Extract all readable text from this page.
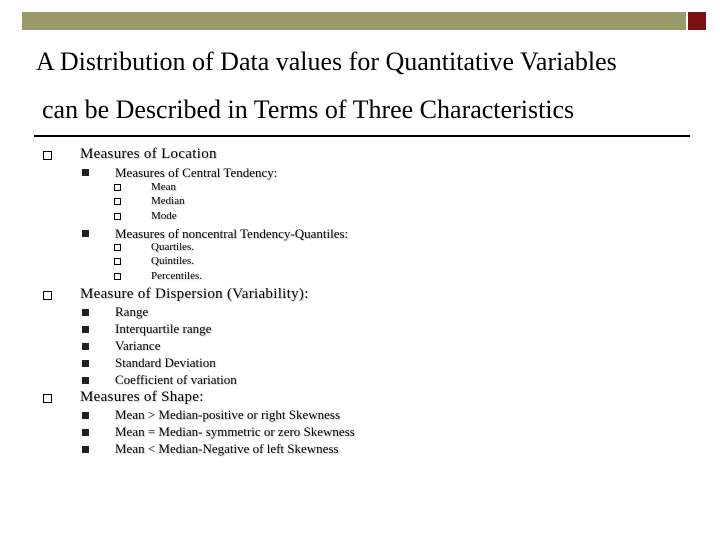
A Distribution of Data values for Quantitative Variables
can be Described in Terms of Three Characteristics
Measures of Location
Measures of Central Tendency:
Mean
Median
Mode
Measures of noncentral Tendency-Quantiles:
Quartiles.
Quintiles.
Percentiles.
Measure of Dispersion (Variability):
Range
Interquartile range
Variance
Standard Deviation
Coefficient of variation
Measures of Shape:
Mean > Median-positive or right Skewness
Mean = Median- symmetric or zero Skewness
Mean < Median-Negative of left Skewness
